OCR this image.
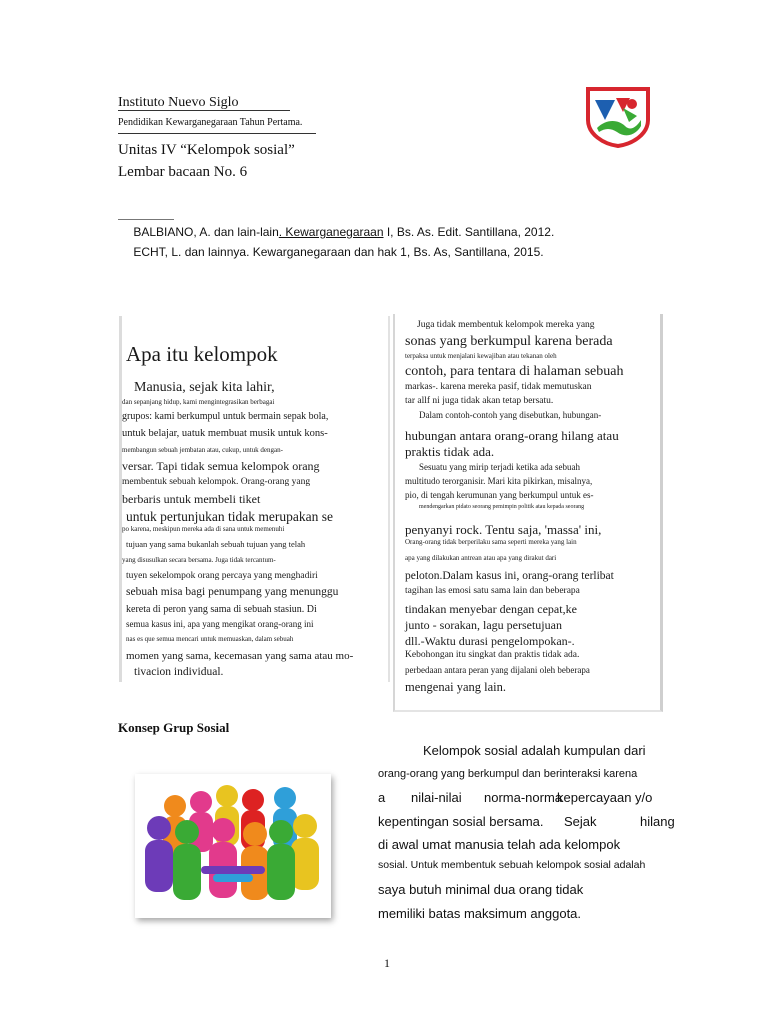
Instituto Nuevo Siglo
Pendidikan Kewarganegaraan Tahun Pertama.
Unitas IV “Kelompok sosial”
Lembar bacaan No. 6
BALBIANO, A. dan lain-lain. Kewarganegaraan I, Bs. As. Edit. Santillana, 2012.
ECHT, L. dan lainnya. Kewarganegaraan dan hak 1, Bs. As, Santillana, 2015.
Apa itu kelompok
Manusia, sejak kita lahir,
dan sepanjang hidup, kami mengintegrasikan berbagai
grupos: kami berkumpul untuk bermain sepak bola,
untuk belajar, uatuk membuat musik untuk kons-
membangun sebuah jembatan atau, cukup, untuk dengan-
versar. Tapi tidak semua kelompok orang
membentuk sebuah kelompok. Orang-orang yang
berbaris untuk membeli tiket
untuk pertunjukan tidak merupakan se
po karena, meskipun mereka ada di sana untuk memenuhi
tujuan yang sama bukanlah sebuah tujuan yang telah
yang disusulkan secara bersama. Juga tidak tercantum-
tuyen sekelompok orang percaya yang menghadiri
sebuah misa bagi penumpang yang menunggu
kereta di peron yang sama di sebuah stasiun. Di
semua kasus ini, apa yang mengikat orang-orang ini
nas es que semua mencari untuk memuaskan, dalam sebuah
momen yang sama, kecemasan yang sama atau mo-
tivacion individual.
Juga tidak membentuk kelompok mereka yang
sonas yang berkumpul karena berada
terpaksa untuk menjalani kewajiban atau tekanan oleh
contoh, para tentara di halaman sebuah
markas-. karena mereka pasif, tidak memutuskan
tar allf ni juga tidak akan tetap bersatu.
Dalam contoh-contoh yang disebutkan, hubungan-
hubungan antara orang-orang hilang atau
praktis tidak ada.
Sesuatu yang mirip terjadi ketika ada sebuah
multitudo terorganisir. Mari kita pikirkan, misalnya,
pio, di tengah kerumunan yang berkumpul untuk es-
mendengarkan pidato seorang pemimpin politik atau kepada seorang
penyanyi rock. Tentu saja, 'massa' ini,
Orang-orang tidak berperilaku sama seperti mereka yang lain
apa yang dilakukan antrean atau apa yang dirakut dari
peloton.Dalam kasus ini, orang-orang terlibat
tagihan las emosi satu sama lain dan beberapa
tindakan menyebar dengan cepat,ke
junto - sorakan, lagu persetujuan
dll.-Waktu durasi pengelompokan-.
Kebohongan itu singkat dan praktis tidak ada.
perbedaan antara peran yang dijalani oleh beberapa
mengenai yang lain.
Konsep Grup Sosial
Kelompok sosial adalah kumpulan dari
orang-orang yang berkumpul dan berinteraksi karena
a nilai-nilai norma-norma
kepercayaan y/o
kepentingan sosial bersama. Sejak	hilang
di awal umat manusia telah ada kelompok
sosial. Untuk membentuk sebuah kelompok sosial adalah
saya butuh minimal dua orang tidak
memiliki batas maksimum anggota.
1
